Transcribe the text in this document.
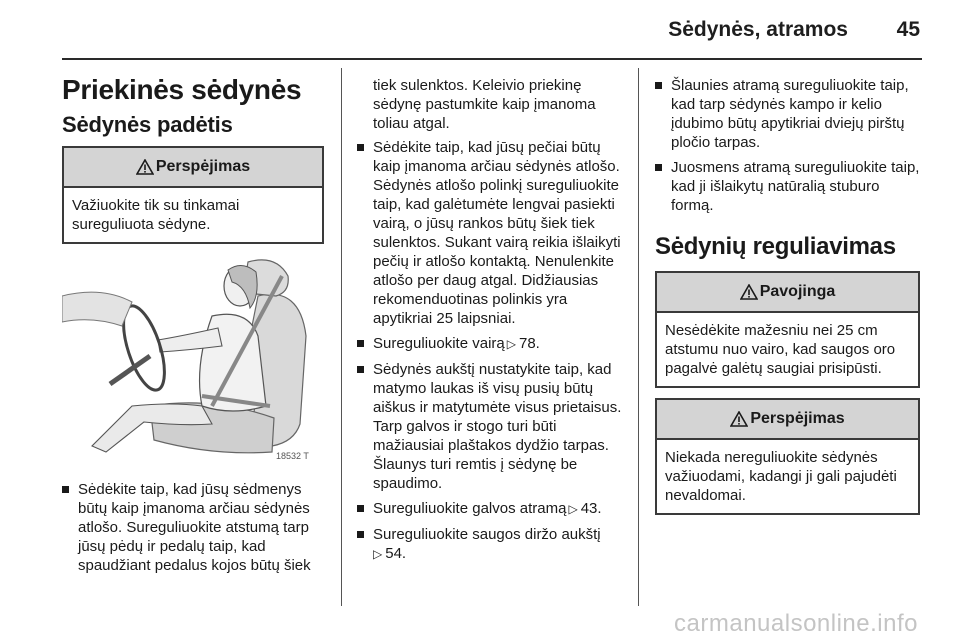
Sėdynės, atramos 45
Priekinės sėdynės
Sėdynės padėtis
Perspėjimas
Važiuokite tik su tinkamai sureguliuota sėdyne.
18532 T
Sėdėkite taip, kad jūsų sėdmenys būtų kaip įmanoma arčiau sėdynės atlošo. Sureguliuokite atstumą tarp jūsų pėdų ir pedalų taip, kad spaudžiant pedalus kojos būtų šiek

tiek sulenktos. Keleivio priekinę sėdynę pastumkite kaip įmanoma toliau atgal.

Sėdėkite taip, kad jūsų pečiai būtų kaip įmanoma arčiau sėdynės atlošo. Sėdynės atlošo polinkį sureguliuokite taip, kad galėtumėte lengvai pasiekti vairą, o jūsų rankos būtų šiek tiek sulenktos. Sukant vairą reikia išlaikyti pečių ir atlošo kontaktą. Nenulenkite atlošo per daug atgal. Didžiausias rekomenduotinas polinkis yra apytikriai 25 laipsniai.
Sureguliuokite vairą ▷ 78.
Sėdynės aukštį nustatykite taip, kad matymo laukas iš visų pusių būtų aiškus ir matytumėte visus prietaisus. Tarp galvos ir stogo turi būti mažiausiai plaštakos dydžio tarpas. Šlaunys turi remtis į sėdynę be spaudimo.
Sureguliuokite galvos atramą ▷ 43.
Sureguliuokite saugos diržo aukštį
▷ 54.
Šlaunies atramą sureguliuokite taip, kad tarp sėdynės kampo ir kelio įdubimo būtų apytikriai dviejų pirštų pločio tarpas.
Juosmens atramą sureguliuokite taip, kad ji išlaikytų natūralią stuburo formą.
Sėdynių reguliavimas
Pavojinga
Nesėdėkite mažesniu nei 25 cm atstumu nuo vairo, kad saugos oro pagalvė galėtų saugiai prisipūsti.
Perspėjimas
Niekada nereguliuokite sėdynės važiuodami, kadangi ji gali pajudėti nevaldomai.
carmanualsonline.info
